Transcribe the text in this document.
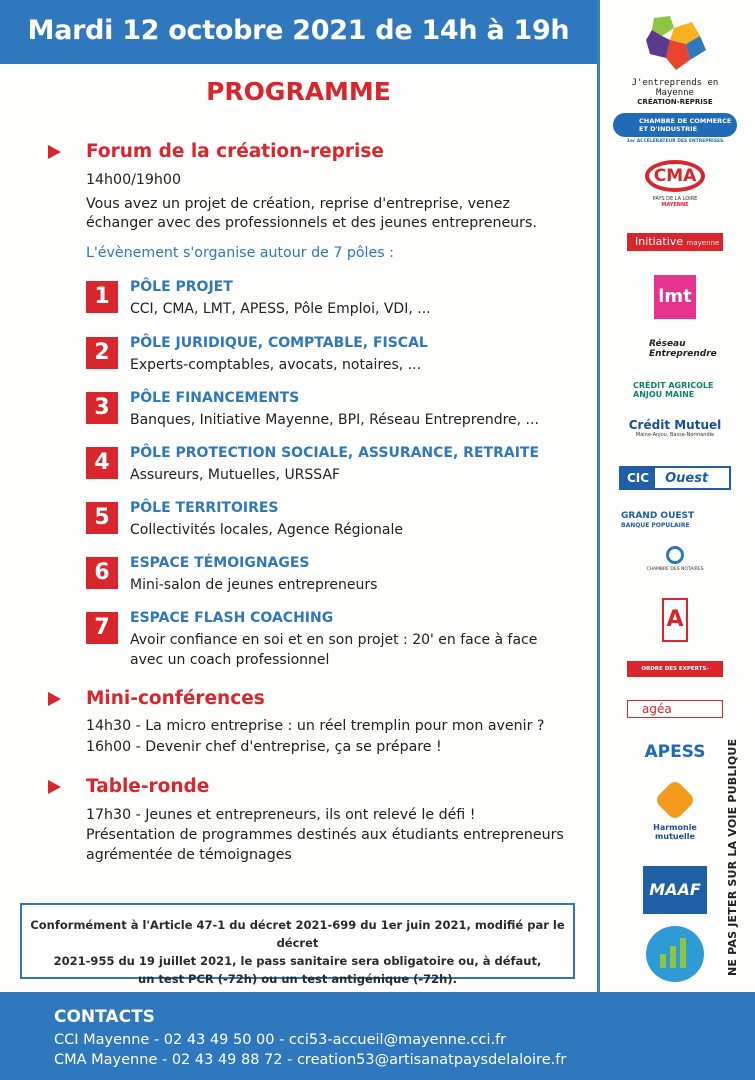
Mardi 12 octobre 2021 de 14h à 19h
PROGRAMME
Forum de la création-reprise
14h00/19h00
Vous avez un projet de création, reprise d'entreprise, venez
échanger avec des professionnels et des jeunes entrepreneurs.
L'évènement s'organise autour de 7 pôles :
1	PÔLE PROJET
CCI, CMA, LMT, APESS, Pôle Emploi, VDI, ...
2	PÔLE JURIDIQUE, COMPTABLE, FISCAL
Experts-comptables, avocats, notaires, ...
3	PÔLE FINANCEMENTS
Banques, Initiative Mayenne, BPI, Réseau Entreprendre, ...
4	PÔLE PROTECTION SOCIALE, ASSURANCE, RETRAITE
Assureurs, Mutuelles, URSSAF
5	PÔLE TERRITOIRES
Collectivités locales, Agence Régionale
6	ESPACE TÉMOIGNAGES
Mini-salon de jeunes entrepreneurs
7	ESPACE FLASH COACHING
Avoir confiance en soi et en son projet : 20' en face à face
avec un coach professionnel
Mini-conférences
14h30 - La micro entreprise : un réel tremplin pour mon avenir ?
16h00 - Devenir chef d'entreprise, ça se prépare !
Table-ronde
17h30 - Jeunes et entrepreneurs, ils ont relevé le défi !
Présentation de programmes destinés aux étudiants entrepreneurs
agrémentée de témoignages
Conformément à l'Article 47-1 du décret 2021-699 du 1er juin 2021, modifié par le décret
2021-955 du 19 juillet 2021, le pass sanitaire sera obligatoire ou, à défaut,
un test PCR (-72h) ou un test antigénique (-72h).
NE PAS JETER SUR LA VOIE PUBLIQUE
J'entreprends en Mayenne
CRÉATION-REPRISE
CHAMBRE DE COMMERCE ET D'INDUSTRIE
1er ACCÉLÉRATEUR DES ENTREPRISES
CMA
PAYS DE LA LOIRE
MAYENNE
Initiative mayenne
lmt
Réseau Entreprendre
CRÉDIT AGRICOLE ANJOU MAINE
Crédit Mutuel
Maine-Anjou, Basse-Normandie
CIC	Ouest
GRAND OUEST
BANQUE POPULAIRE
CHAMBRE DES NOTAIRES
A
ORDRE DES EXPERTS-COMPTABLES
agéa
APESS
Harmonie mutuelle
MAAF
CONTACTS
CCI Mayenne - 02 43 49 50 00 - cci53-accueil@mayenne.cci.fr
CMA Mayenne - 02 43 49 88 72 - creation53@artisanatpaysdelaloire.fr
